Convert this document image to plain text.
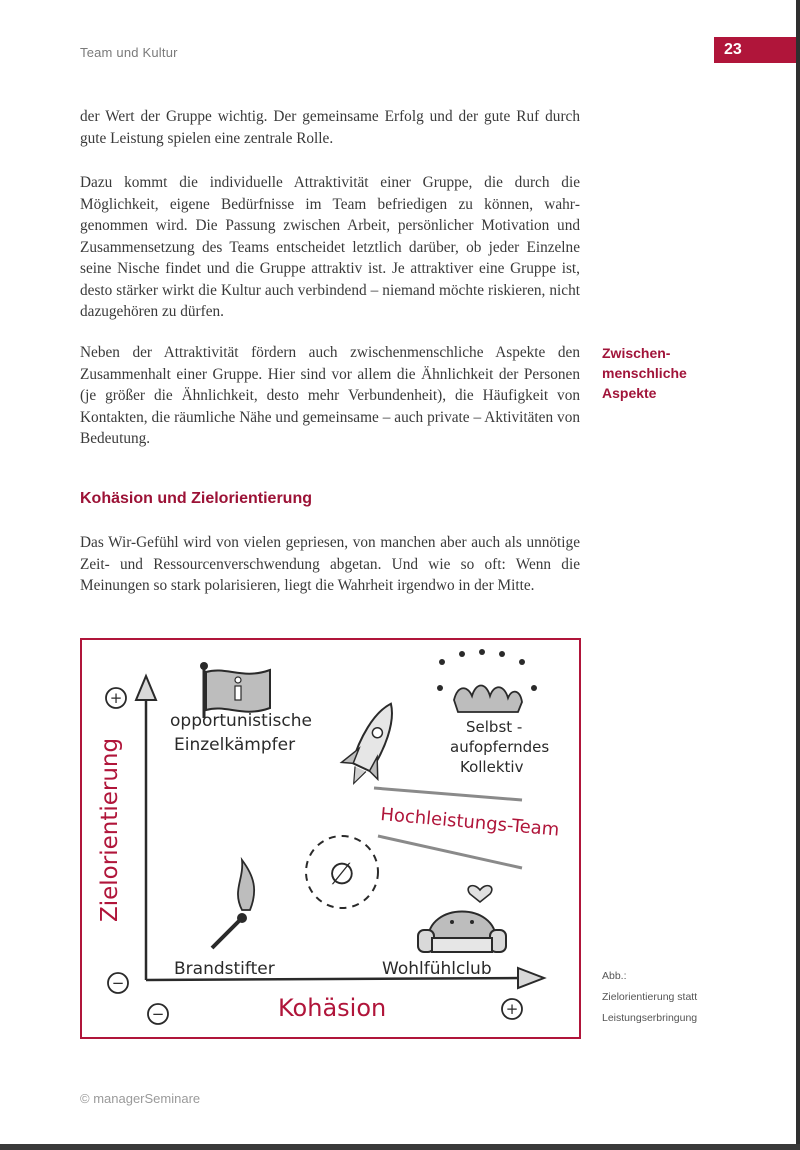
Team und Kultur	23

der Wert der Gruppe wichtig. Der gemeinsame Erfolg und der gute Ruf durch gute Leistung spielen eine zentrale Rolle.

Dazu kommt die individuelle Attraktivität einer Gruppe, die durch die Möglichkeit, eigene Bedürfnisse im Team befriedigen zu können, wahrgenommen wird. Die Passung zwischen Arbeit, persönlicher Motivation und Zusammensetzung des Teams entscheidet letztlich darüber, ob jeder Einzelne seine Nische findet und die Gruppe attraktiv ist. Je attraktiver eine Gruppe ist, desto stärker wirkt die Kultur auch verbindend – niemand möchte riskieren, nicht dazugehören zu dürfen.

Neben der Attraktivität fördern auch zwischenmenschliche Aspekte den Zusammenhalt einer Gruppe. Hier sind vor allem die Ähnlichkeit der Personen (je größer die Ähnlichkeit, desto mehr Verbundenheit), die Häufigkeit von Kontakten, die räumliche Nähe und gemeinsame – auch private – Aktivitäten von Bedeutung.

Zwischen-
menschliche
Aspekte
Kohäsion und Zielorientierung

Das Wir-Gefühl wird von vielen gepriesen, von manchen aber auch als unnötige Zeit- und Ressourcenverschwendung abgetan. Und wie so oft: Wenn die Meinungen so stark polarisieren, liegt die Wahrheit irgendwo in der Mitte.

+
−
−	+
Zielorientierung
Kohäsion
opportunistische
Einzelkämpfer
Selbst -
aufopferndes
Kollektiv
Hochleistungs-Team
∅
Brandstifter	Wohlfühlclub	Abb.:
Zielorientierung statt Leistungserbringung
© managerSeminare
